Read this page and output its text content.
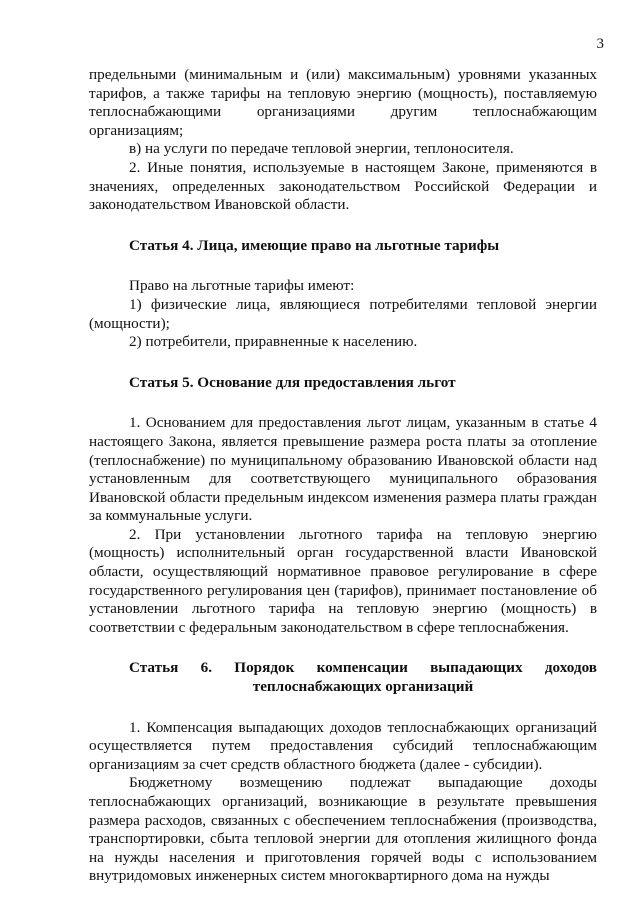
3

предельными (минимальным и (или) максимальным) уровнями указанных тарифов, а также тарифы на тепловую энергию (мощность), поставляемую теплоснабжающими организациями другим теплоснабжающим организациям;

в) на услуги по передаче тепловой энергии, теплоносителя.

2. Иные понятия, используемые в настоящем Законе, применяются в значениях, определенных законодательством Российской Федерации и законодательством Ивановской области.

Статья 4. Лица, имеющие право на льготные тарифы

Право на льготные тарифы имеют:

1) физические лица, являющиеся потребителями тепловой энергии (мощности);

2) потребители, приравненные к населению.

Статья 5. Основание для предоставления льгот

1. Основанием для предоставления льгот лицам, указанным в статье 4 настоящего Закона, является превышение размера роста платы за отопление (теплоснабжение) по муниципальному образованию Ивановской области над установленным для соответствующего муниципального образования Ивановской области предельным индексом изменения размера платы граждан за коммунальные услуги.

2. При установлении льготного тарифа на тепловую энергию (мощность) исполнительный орган государственной власти Ивановской области, осуществляющий нормативное правовое регулирование в сфере государственного регулирования цен (тарифов), принимает постановление об установлении льготного тарифа на тепловую энергию (мощность) в соответствии с федеральным законодательством в сфере теплоснабжения.

Статья 6. Порядок компенсации выпадающих доходов
теплоснабжающих организаций

1. Компенсация выпадающих доходов теплоснабжающих организаций осуществляется путем предоставления субсидий теплоснабжающим организациям за счет средств областного бюджета (далее - субсидии).

Бюджетному возмещению подлежат выпадающие доходы теплоснабжающих организаций, возникающие в результате превышения размера расходов, связанных с обеспечением теплоснабжения (производства, транспортировки, сбыта тепловой энергии для отопления жилищного фонда на нужды населения и приготовления горячей воды с использованием внутридомовых инженерных систем многоквартирного дома на нужды
